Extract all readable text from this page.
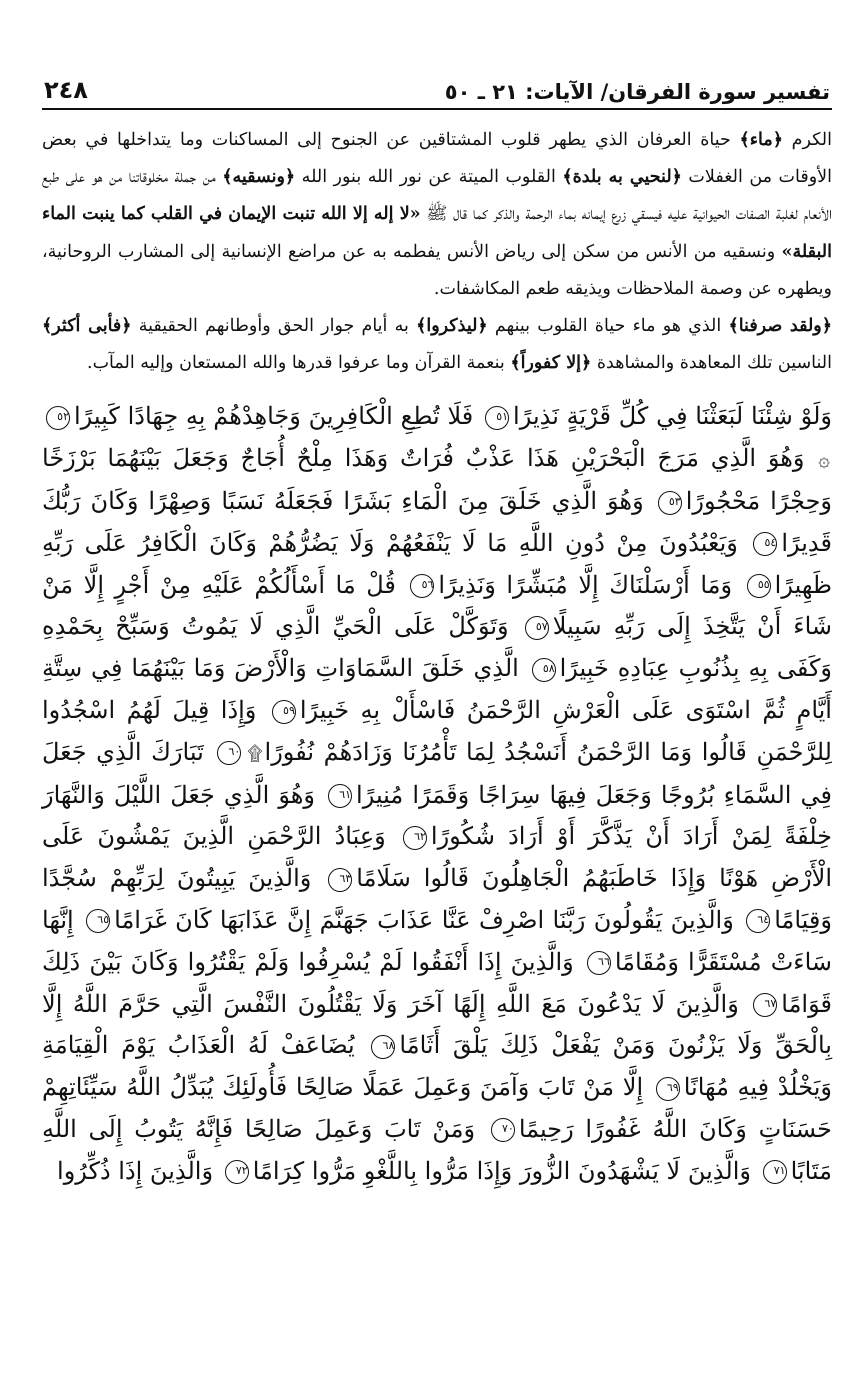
تفسير سورة الفرقان/ الآيات: ٢١ ـ ٥٠
٢٤٨

الكرم ﴿ماء﴾ حياة العرفان الذي يطهر قلوب المشتاقين عن الجنوح إلى المساكنات وما يتداخلها في بعض الأوقات من الغفلات ﴿لنحيي به بلدة﴾ القلوب الميتة عن نور الله بنور الله ﴿ونسقيه﴾ من جملة مخلوقاتنا من هو على طبع الأنعام لغلبة الصفات الحيوانية عليه فيسقي زرع إيمانه بماء الرحمة والذكر كما قال ﷺ «لا إله إلا الله تنبت الإيمان في القلب كما ينبت الماء البقلة» ونسقيه من الأنس من سكن إلى رياض الأنس يفطمه به عن مراضع الإنسانية إلى المشارب الروحانية، ويطهره عن وصمة الملاحظات ويذيقه طعم المكاشفات.

﴿ولقد صرفنا﴾ الذي هو ماء حياة القلوب بينهم ﴿ليذكروا﴾ به أيام جوار الحق وأوطانهم الحقيقية ﴿فأبى أكثر﴾ الناسين تلك المعاهدة والمشاهدة ﴿إلا كفوراً﴾ بنعمة القرآن وما عرفوا قدرها والله المستعان وإليه المآب.

وَلَوْ شِئْنَا لَبَعَثْنَا فِي كُلِّ قَرْيَةٍ نَذِيرًا٥١ فَلَا تُطِعِ الْكَافِرِينَ وَجَاهِدْهُمْ بِهِ جِهَادًا كَبِيرًا٥٢ ۞ وَهُوَ الَّذِي مَرَجَ الْبَحْرَيْنِ هَذَا عَذْبٌ فُرَاتٌ وَهَذَا مِلْحٌ أُجَاجٌ وَجَعَلَ بَيْنَهُمَا بَرْزَخًا وَحِجْرًا مَحْجُورًا٥٣ وَهُوَ الَّذِي خَلَقَ مِنَ الْمَاءِ بَشَرًا فَجَعَلَهُ نَسَبًا وَصِهْرًا وَكَانَ رَبُّكَ قَدِيرًا٥٤ وَيَعْبُدُونَ مِنْ دُونِ اللَّهِ مَا لَا يَنْفَعُهُمْ وَلَا يَضُرُّهُمْ وَكَانَ الْكَافِرُ عَلَى رَبِّهِ ظَهِيرًا٥٥ وَمَا أَرْسَلْنَاكَ إِلَّا مُبَشِّرًا وَنَذِيرًا٥٦ قُلْ مَا أَسْأَلُكُمْ عَلَيْهِ مِنْ أَجْرٍ إِلَّا مَنْ شَاءَ أَنْ يَتَّخِذَ إِلَى رَبِّهِ سَبِيلًا٥٧ وَتَوَكَّلْ عَلَى الْحَيِّ الَّذِي لَا يَمُوتُ وَسَبِّحْ بِحَمْدِهِ وَكَفَى بِهِ بِذُنُوبِ عِبَادِهِ خَبِيرًا٥٨ الَّذِي خَلَقَ السَّمَاوَاتِ وَالْأَرْضَ وَمَا بَيْنَهُمَا فِي سِتَّةِ أَيَّامٍ ثُمَّ اسْتَوَى عَلَى الْعَرْشِ الرَّحْمَنُ فَاسْأَلْ بِهِ خَبِيرًا٥٩ وَإِذَا قِيلَ لَهُمُ اسْجُدُوا لِلرَّحْمَنِ قَالُوا وَمَا الرَّحْمَنُ أَنَسْجُدُ لِمَا تَأْمُرُنَا وَزَادَهُمْ نُفُورًا۩٦٠ تَبَارَكَ الَّذِي جَعَلَ فِي السَّمَاءِ بُرُوجًا وَجَعَلَ فِيهَا سِرَاجًا وَقَمَرًا مُنِيرًا٦١ وَهُوَ الَّذِي جَعَلَ اللَّيْلَ وَالنَّهَارَ خِلْفَةً لِمَنْ أَرَادَ أَنْ يَذَّكَّرَ أَوْ أَرَادَ شُكُورًا٦٢ وَعِبَادُ الرَّحْمَنِ الَّذِينَ يَمْشُونَ عَلَى الْأَرْضِ هَوْنًا وَإِذَا خَاطَبَهُمُ الْجَاهِلُونَ قَالُوا سَلَامًا٦٣ وَالَّذِينَ يَبِيتُونَ لِرَبِّهِمْ سُجَّدًا وَقِيَامًا٦٤ وَالَّذِينَ يَقُولُونَ رَبَّنَا اصْرِفْ عَنَّا عَذَابَ جَهَنَّمَ إِنَّ عَذَابَهَا كَانَ غَرَامًا٦٥ إِنَّهَا سَاءَتْ مُسْتَقَرًّا وَمُقَامًا٦٦ وَالَّذِينَ إِذَا أَنْفَقُوا لَمْ يُسْرِفُوا وَلَمْ يَقْتُرُوا وَكَانَ بَيْنَ ذَلِكَ قَوَامًا٦٧ وَالَّذِينَ لَا يَدْعُونَ مَعَ اللَّهِ إِلَهًا آخَرَ وَلَا يَقْتُلُونَ النَّفْسَ الَّتِي حَرَّمَ اللَّهُ إِلَّا بِالْحَقِّ وَلَا يَزْنُونَ وَمَنْ يَفْعَلْ ذَلِكَ يَلْقَ أَثَامًا٦٨ يُضَاعَفْ لَهُ الْعَذَابُ يَوْمَ الْقِيَامَةِ وَيَخْلُدْ فِيهِ مُهَانًا٦٩ إِلَّا مَنْ تَابَ وَآمَنَ وَعَمِلَ عَمَلًا صَالِحًا فَأُولَئِكَ يُبَدِّلُ اللَّهُ سَيِّئَاتِهِمْ حَسَنَاتٍ وَكَانَ اللَّهُ غَفُورًا رَحِيمًا٧٠ وَمَنْ تَابَ وَعَمِلَ صَالِحًا فَإِنَّهُ يَتُوبُ إِلَى اللَّهِ مَتَابًا٧١ وَالَّذِينَ لَا يَشْهَدُونَ الزُّورَ وَإِذَا مَرُّوا بِاللَّغْوِ مَرُّوا كِرَامًا٧٢ وَالَّذِينَ إِذَا ذُكِّرُوا
